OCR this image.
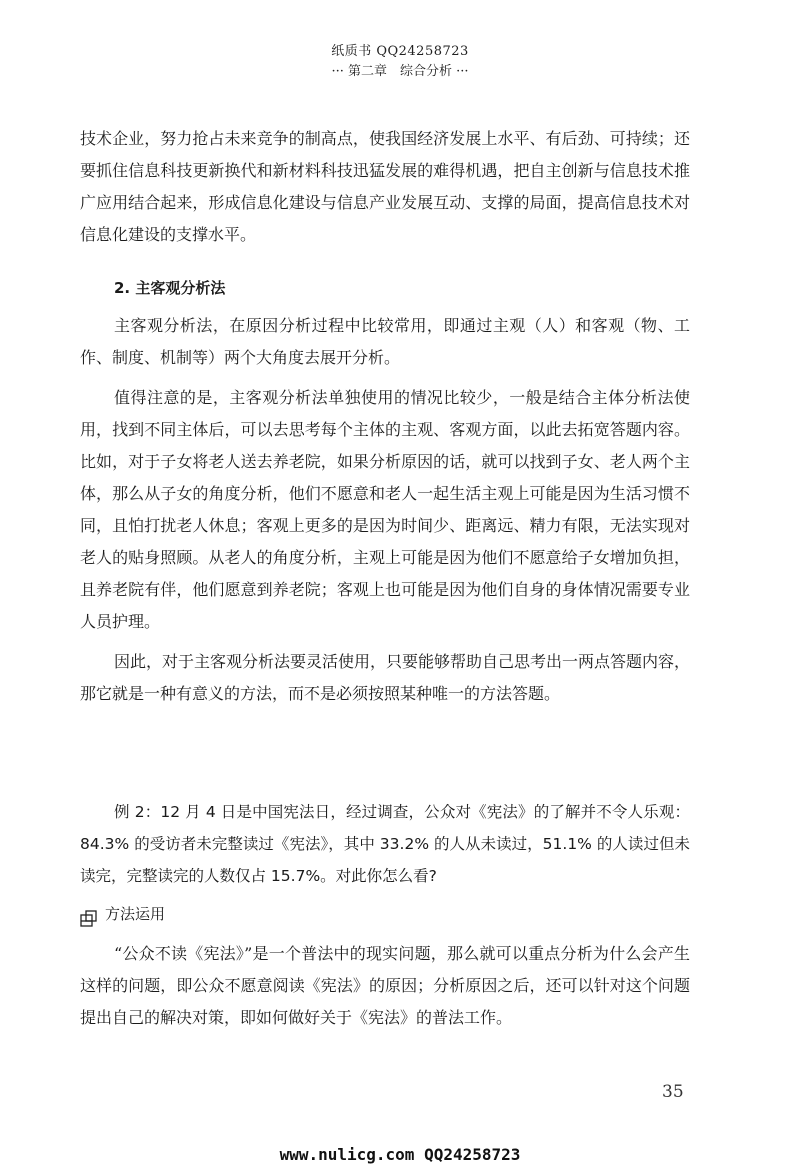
纸质书 QQ24258723
··· 第二章　综合分析 ···

技术企业，努力抢占未来竞争的制高点，使我国经济发展上水平、有后劲、可持续；还要抓住信息科技更新换代和新材料科技迅猛发展的难得机遇，把自主创新与信息技术推广应用结合起来，形成信息化建设与信息产业发展互动、支撑的局面，提高信息技术对信息化建设的支撑水平。

2. 主客观分析法

主客观分析法，在原因分析过程中比较常用，即通过主观（人）和客观（物、工作、制度、机制等）两个大角度去展开分析。

值得注意的是，主客观分析法单独使用的情况比较少，一般是结合主体分析法使用，找到不同主体后，可以去思考每个主体的主观、客观方面，以此去拓宽答题内容。比如，对于子女将老人送去养老院，如果分析原因的话，就可以找到子女、老人两个主体，那么从子女的角度分析，他们不愿意和老人一起生活主观上可能是因为生活习惯不同，且怕打扰老人休息；客观上更多的是因为时间少、距离远、精力有限，无法实现对老人的贴身照顾。从老人的角度分析，主观上可能是因为他们不愿意给子女增加负担，且养老院有伴，他们愿意到养老院；客观上也可能是因为他们自身的身体情况需要专业人员护理。

因此，对于主客观分析法要灵活使用，只要能够帮助自己思考出一两点答题内容，那它就是一种有意义的方法，而不是必须按照某种唯一的方法答题。

例 2：12 月 4 日是中国宪法日，经过调查，公众对《宪法》的了解并不令人乐观：84.3% 的受访者未完整读过《宪法》，其中 33.2% 的人从未读过，51.1% 的人读过但未读完，完整读完的人数仅占 15.7%。对此你怎么看?

方法运用

“公众不读《宪法》”是一个普法中的现实问题，那么就可以重点分析为什么会产生这样的问题，即公众不愿意阅读《宪法》的原因；分析原因之后，还可以针对这个问题提出自己的解决对策，即如何做好关于《宪法》的普法工作。

35
www.nulicg.com QQ24258723
